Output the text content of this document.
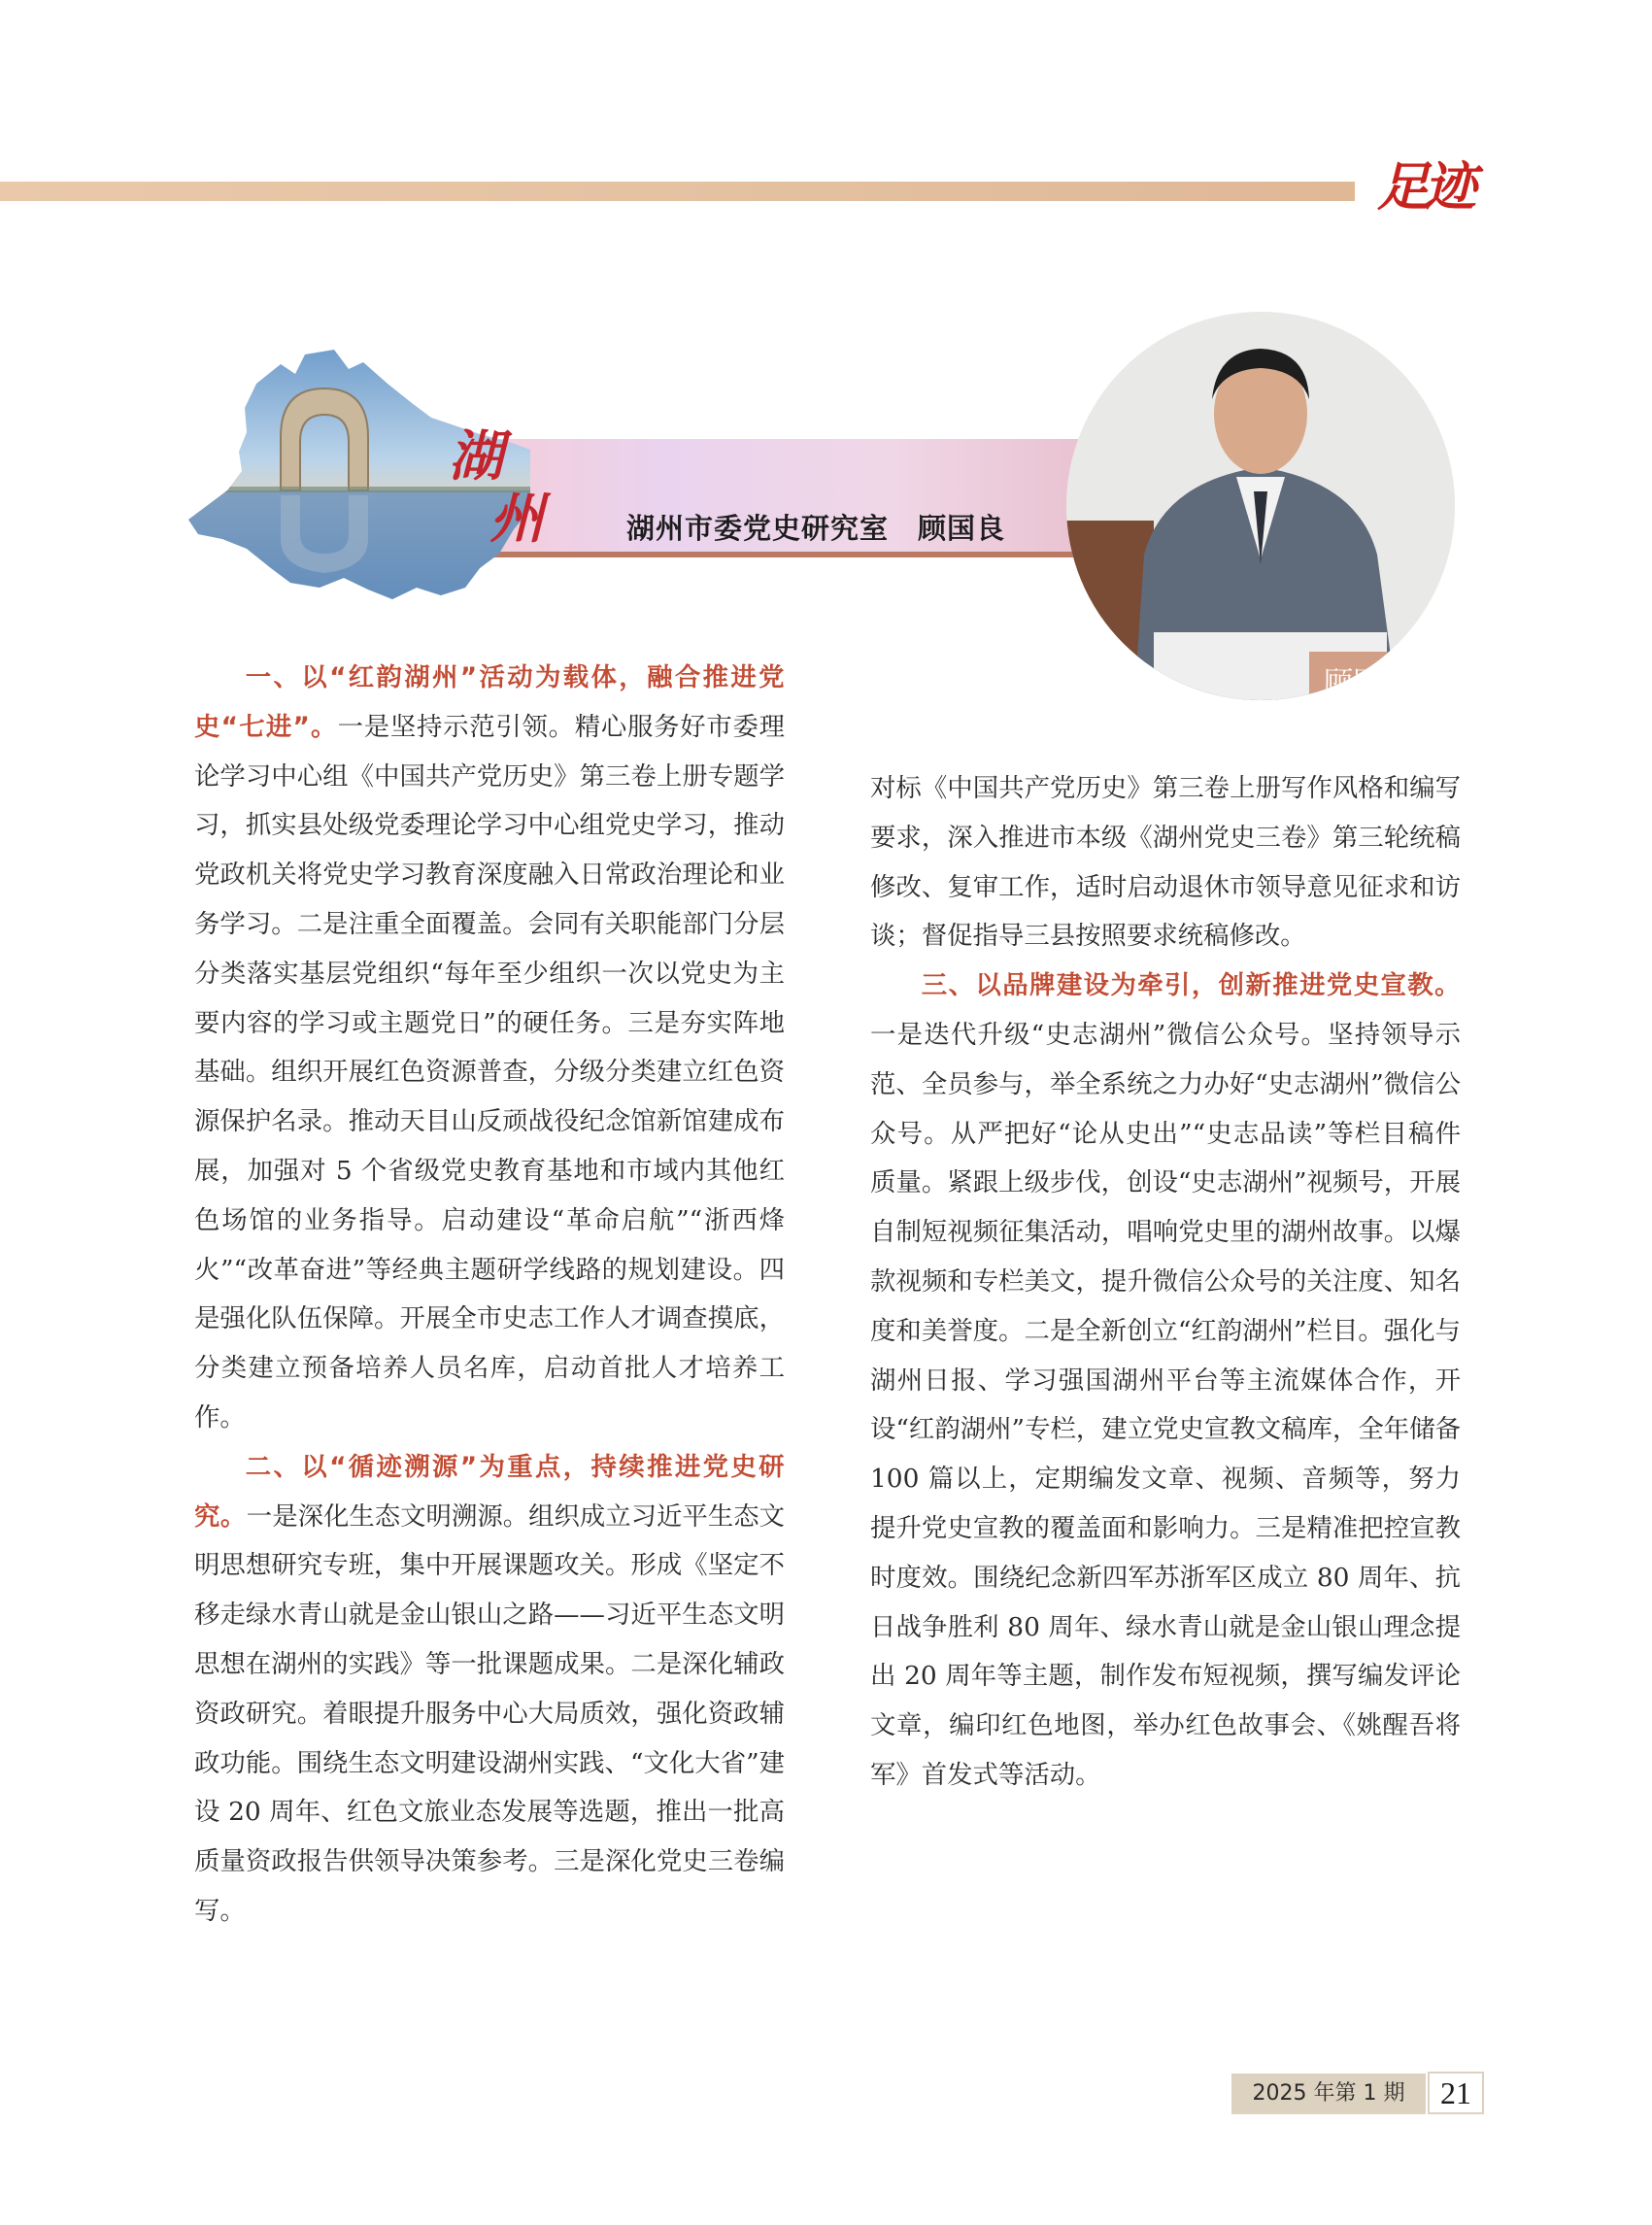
足迹
湖
州	湖州市委党史研究室　顾国良
顾国

一、以“红韵湖州”活动为载体，融合推进党史“七进”。一是坚持示范引领。精心服务好市委理论学习中心组《中国共产党历史》第三卷上册专题学习，抓实县处级党委理论学习中心组党史学习，推动党政机关将党史学习教育深度融入日常政治理论和业务学习。二是注重全面覆盖。会同有关职能部门分层分类落实基层党组织“每年至少组织一次以党史为主要内容的学习或主题党日”的硬任务。三是夯实阵地基础。组织开展红色资源普查，分级分类建立红色资源保护名录。推动天目山反顽战役纪念馆新馆建成布展，加强对 5 个省级党史教育基地和市域内其他红色场馆的业务指导。启动建设“革命启航”“浙西烽火”“改革奋进”等经典主题研学线路的规划建设。四是强化队伍保障。开展全市史志工作人才调查摸底，分类建立预备培养人员名库，启动首批人才培养工作。

二、以“循迹溯源”为重点，持续推进党史研究。一是深化生态文明溯源。组织成立习近平生态文明思想研究专班，集中开展课题攻关。形成《坚定不移走绿水青山就是金山银山之路——习近平生态文明思想在湖州的实践》等一批课题成果。二是深化辅政资政研究。着眼提升服务中心大局质效，强化资政辅政功能。围绕生态文明建设湖州实践、“文化大省”建设 20 周年、红色文旅业态发展等选题，推出一批高质量资政报告供领导决策参考。三是深化党史三卷编写。

对标《中国共产党历史》第三卷上册写作风格和编写要求，深入推进市本级《湖州党史三卷》第三轮统稿修改、复审工作，适时启动退休市领导意见征求和访谈；督促指导三县按照要求统稿修改。

三、以品牌建设为牵引，创新推进党史宣教。一是迭代升级“史志湖州”微信公众号。坚持领导示范、全员参与，举全系统之力办好“史志湖州”微信公众号。从严把好“论从史出”“史志品读”等栏目稿件质量。紧跟上级步伐，创设“史志湖州”视频号，开展自制短视频征集活动，唱响党史里的湖州故事。以爆款视频和专栏美文，提升微信公众号的关注度、知名度和美誉度。二是全新创立“红韵湖州”栏目。强化与湖州日报、学习强国湖州平台等主流媒体合作，开设“红韵湖州”专栏，建立党史宣教文稿库，全年储备 100 篇以上，定期编发文章、视频、音频等，努力提升党史宣教的覆盖面和影响力。三是精准把控宣教时度效。围绕纪念新四军苏浙军区成立 80 周年、抗日战争胜利 80 周年、绿水青山就是金山银山理念提出 20 周年等主题，制作发布短视频，撰写编发评论文章，编印红色地图，举办红色故事会、《姚醒吾将军》首发式等活动。

2025 年第 1 期	21
